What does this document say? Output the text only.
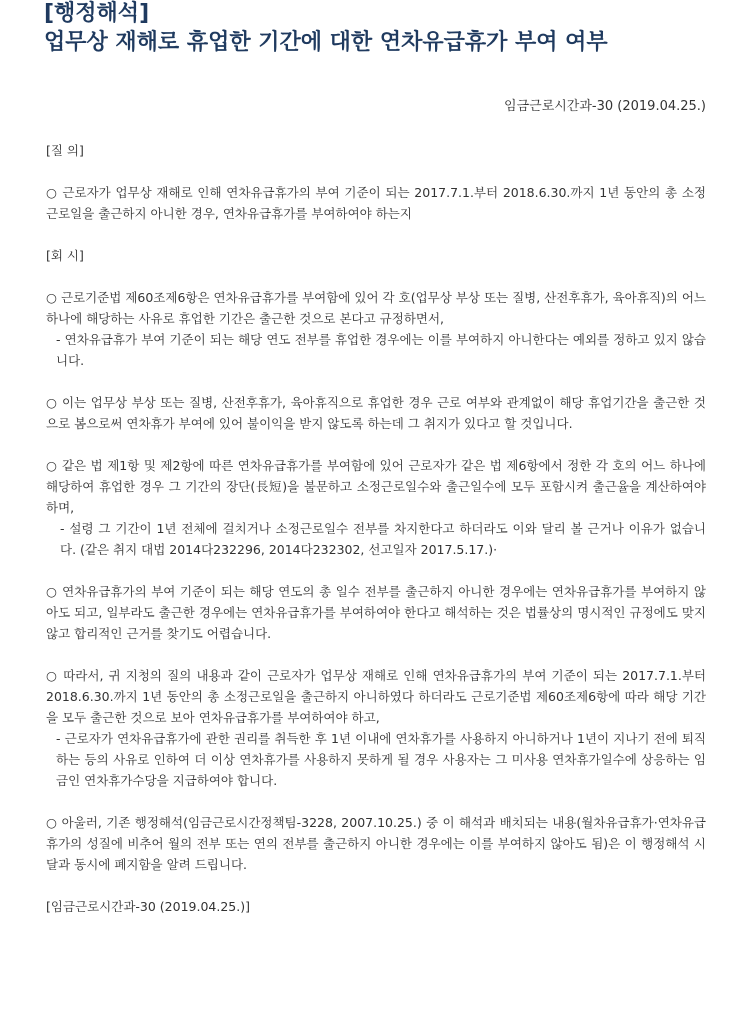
[행정해석]

업무상 재해로 휴업한 기간에 대한 연차유급휴가 부여 여부

임금근로시간과-30 (2019.04.25.)

[질 의]

○ 근로자가 업무상 재해로 인해 연차유급휴가의 부여 기준이 되는 2017.7.1.부터 2018.6.30.까지 1년 동안의 총 소정근로일을 출근하지 아니한 경우, 연차유급휴가를 부여하여야 하는지

[회 시]

○ 근로기준법 제60조제6항은 연차유급휴가를 부여함에 있어 각 호(업무상 부상 또는 질병, 산전후휴가, 육아휴직)의 어느 하나에 해당하는 사유로 휴업한 기간은 출근한 것으로 본다고 규정하면서,

- 연차유급휴가 부여 기준이 되는 해당 연도 전부를 휴업한 경우에는 이를 부여하지 아니한다는 예외를 정하고 있지 않습니다.

○ 이는 업무상 부상 또는 질병, 산전후휴가, 육아휴직으로 휴업한 경우 근로 여부와 관계없이 해당 휴업기간을 출근한 것으로 봄으로써 연차휴가 부여에 있어 불이익을 받지 않도록 하는데 그 취지가 있다고 할 것입니다.

○ 같은 법 제1항 및 제2항에 따른 연차유급휴가를 부여함에 있어 근로자가 같은 법 제6항에서 정한 각 호의 어느 하나에 해당하여 휴업한 경우 그 기간의 장단(長短)을 불문하고 소정근로일수와 출근일수에 모두 포함시켜 출근율을 계산하여야 하며,

- 설령 그 기간이 1년 전체에 걸치거나 소정근로일수 전부를 차지한다고 하더라도 이와 달리 볼 근거나 이유가 없습니다. (같은 취지 대법 2014다232296, 2014다232302, 선고일자 2017.5.17.)·

○ 연차유급휴가의 부여 기준이 되는 해당 연도의 총 일수 전부를 출근하지 아니한 경우에는 연차유급휴가를 부여하지 않아도 되고, 일부라도 출근한 경우에는 연차유급휴가를 부여하여야 한다고 해석하는 것은 법률상의 명시적인 규정에도 맞지 않고 합리적인 근거를 찾기도 어렵습니다.

○ 따라서, 귀 지청의 질의 내용과 같이 근로자가 업무상 재해로 인해 연차유급휴가의 부여 기준이 되는 2017.7.1.부터 2018.6.30.까지 1년 동안의 총 소정근로일을 출근하지 아니하였다 하더라도 근로기준법 제60조제6항에 따라 해당 기간을 모두 출근한 것으로 보아 연차유급휴가를 부여하여야 하고,

- 근로자가 연차유급휴가에 관한 권리를 취득한 후 1년 이내에 연차휴가를 사용하지 아니하거나 1년이 지나기 전에 퇴직하는 등의 사유로 인하여 더 이상 연차휴가를 사용하지 못하게 될 경우 사용자는 그 미사용 연차휴가일수에 상응하는 임금인 연차휴가수당을 지급하여야 합니다.

○ 아울러, 기존 행정해석(임금근로시간정책팀-3228, 2007.10.25.) 중 이 해석과 배치되는 내용(월차유급휴가·연차유급휴가의 성질에 비추어 월의 전부 또는 연의 전부를 출근하지 아니한 경우에는 이를 부여하지 않아도 됨)은 이 행정해석 시달과 동시에 폐지함을 알려 드립니다.

[임금근로시간과-30 (2019.04.25.)]
